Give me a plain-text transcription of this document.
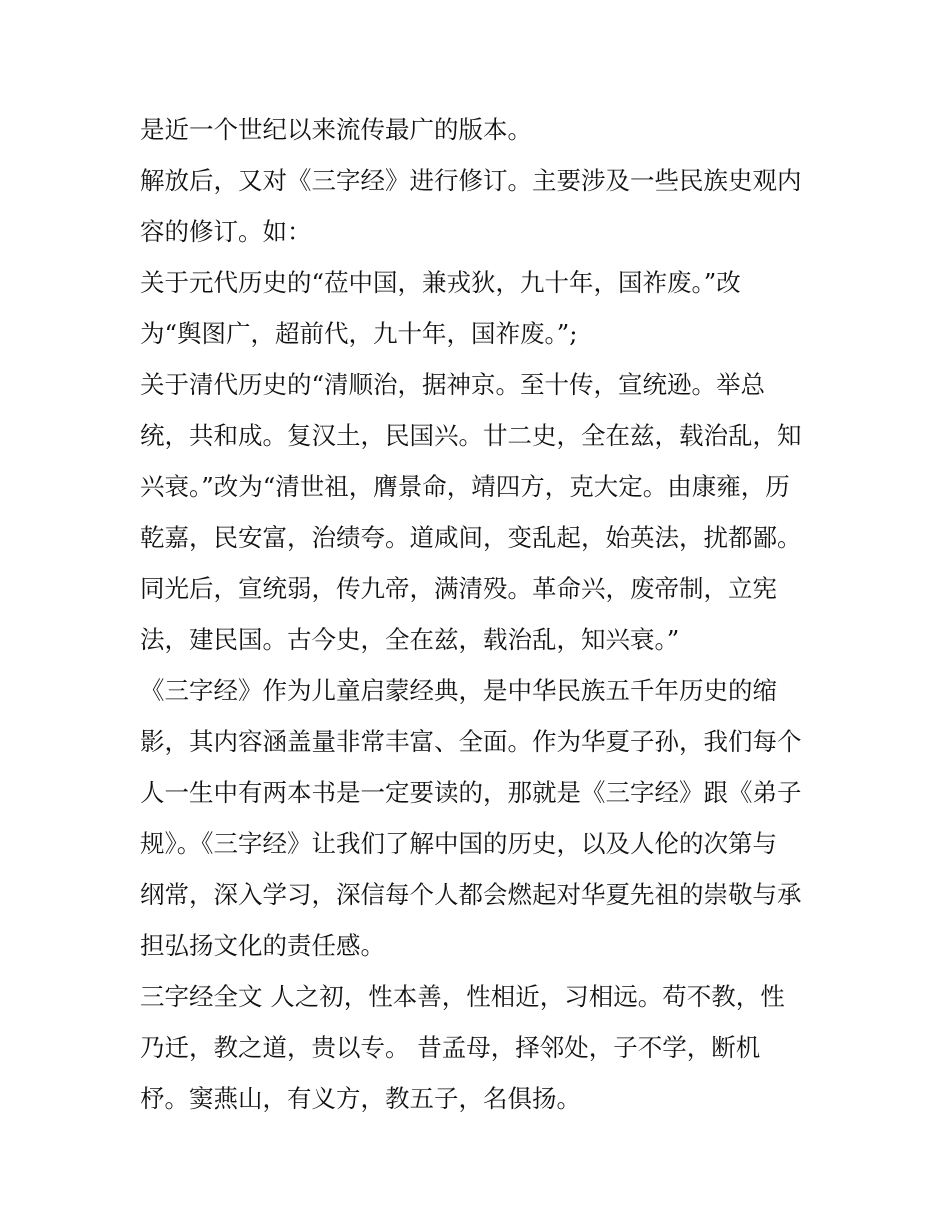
是近一个世纪以来流传最广的版本。
解放后，又对《三字经》进行修订。主要涉及一些民族史观内
容的修订。如：
关于元代历史的“莅中国，兼戎狄，九十年，国祚废。”改
为“舆图广，超前代，九十年，国祚废。”;
关于清代历史的“清顺治，据神京。至十传，宣统逊。举总
统，共和成。复汉土，民国兴。廿二史，全在兹，载治乱，知
兴衰。”改为“清世祖，膺景命，靖四方，克大定。由康雍，历
乾嘉，民安富，治绩夸。道咸间，变乱起，始英法，扰都鄙。
同光后，宣统弱，传九帝，满清殁。革命兴，废帝制，立宪
法，建民国。古今史，全在兹，载治乱，知兴衰。”
《三字经》作为儿童启蒙经典，是中华民族五千年历史的缩
影，其内容涵盖量非常丰富、全面。作为华夏子孙，我们每个
人一生中有两本书是一定要读的，那就是《三字经》跟《弟子
规》。《三字经》让我们了解中国的历史，以及人伦的次第与
纲常，深入学习，深信每个人都会燃起对华夏先祖的崇敬与承
担弘扬文化的责任感。
三字经全文 人之初，性本善，性相近，习相远。苟不教，性
乃迁，教之道，贵以专。 昔孟母，择邻处，子不学，断机
杼。窦燕山，有义方，教五子，名俱扬。
